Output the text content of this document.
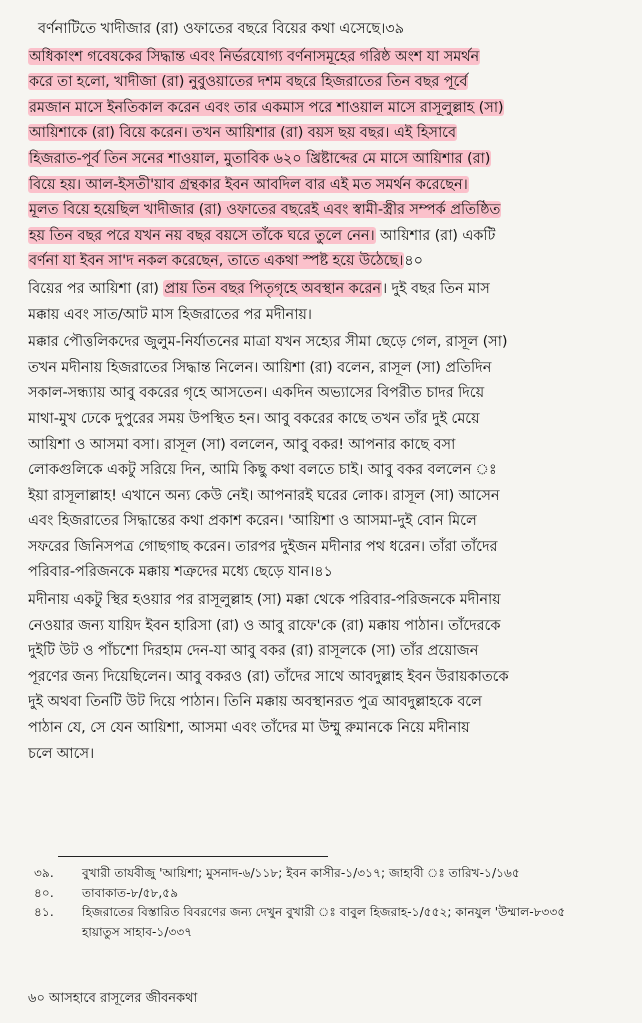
বর্ণনাটিতে খাদীজার (রা) ওফাতের বছরে বিয়ের কথা এসেছে।৩৯
অধিকাংশ গবেষকের সিদ্ধান্ত এবং নির্ভরযোগ্য বর্ণনাসমূহের গরিষ্ঠ অংশ যা সমর্থন
করে তা হলো, খাদীজা (রা) নুবুওয়াতের দশম বছরে হিজরাতের তিন বছর পূর্বে
রমজান মাসে ইনতিকাল করেন এবং তার একমাস পরে শাওয়াল মাসে রাসূলুল্লাহ (সা)
আয়িশাকে (রা) বিয়ে করেন। তখন আয়িশার (রা) বয়স ছয় বছর। এই হিসাবে
হিজরাত-পূর্ব তিন সনের শাওয়াল, মুতাবিক ৬২০ খ্রিষ্টাব্দের মে মাসে আয়িশার (রা)
বিয়ে হয়। আল-ইসতী'য়াব গ্রন্থকার ইবন আবদিল বার এই মত সমর্থন করেছেন।
মূলত বিয়ে হয়েছিল খাদীজার (রা) ওফাতের বছরেই এবং স্বামী-স্ত্রীর সম্পর্ক প্রতিষ্ঠিত
হয় তিন বছর পরে যখন নয় বছর বয়সে তাঁকে ঘরে তুলে নেন। আয়িশার (রা) একটি
বর্ণনা যা ইবন সা'দ নকল করেছেন, তাতে একথা স্পষ্ট হয়ে উঠেছে।৪০
বিয়ের পর আয়িশা (রা) প্রায় তিন বছর পিতৃগৃহে অবস্থান করেন। দুই বছর তিন মাস
মক্কায় এবং সাত/আট মাস হিজরাতের পর মদীনায়।
মক্কার পৌত্তলিকদের জুলুম-নির্যাতনের মাত্রা যখন সহ্যের সীমা ছেড়ে গেল, রাসূল (সা)
তখন মদীনায় হিজরাতের সিদ্ধান্ত নিলেন। আয়িশা (রা) বলেন, রাসূল (সা) প্রতিদিন
সকাল-সন্ধ্যায় আবু বকরের গৃহে আসতেন। একদিন অভ্যাসের বিপরীত চাদর দিয়ে
মাথা-মুখ ঢেকে দুপুরের সময় উপস্থিত হন। আবু বকরের কাছে তখন তাঁর দুই মেয়ে
আয়িশা ও আসমা বসা। রাসূল (সা) বললেন, আবু বকর! আপনার কাছে বসা
লোকগুলিকে একটু সরিয়ে দিন, আমি কিছু কথা বলতে চাই। আবু বকর বললেন ঃ
ইয়া রাসূলাল্লাহ! এখানে অন্য কেউ নেই। আপনারই ঘরের লোক। রাসূল (সা) আসেন
এবং হিজরাতের সিদ্ধান্তের কথা প্রকাশ করেন। 'আয়িশা ও আসমা-দুই বোন মিলে
সফরের জিনিসপত্র গোছগাছ করেন। তারপর দুইজন মদীনার পথ ধরেন। তাঁরা তাঁদের
পরিবার-পরিজনকে মক্কায় শত্রুদের মধ্যে ছেড়ে যান।৪১
মদীনায় একটু স্থির হওয়ার পর রাসূলুল্লাহ (সা) মক্কা থেকে পরিবার-পরিজনকে মদীনায়
নেওয়ার জন্য যায়িদ ইবন হারিসা (রা) ও আবু রাফে'কে (রা) মক্কায় পাঠান। তাঁদেরকে
দুইটি উট ও পাঁচশো দিরহাম দেন-যা আবু বকর (রা) রাসূলকে (সা) তাঁর প্রয়োজন
পূরণের জন্য দিয়েছিলেন। আবু বকরও (রা) তাঁদের সাথে আবদুল্লাহ ইবন উরায়কাতকে
দুই অথবা তিনটি উট দিয়ে পাঠান। তিনি মক্কায় অবস্থানরত পুত্র আবদুল্লাহকে বলে
পাঠান যে, সে যেন আয়িশা, আসমা এবং তাঁদের মা উম্মু রুমানকে নিয়ে মদীনায়
চলে আসে।
৩৯. বুখারী তাযবীজু 'আয়িশা; মুসনাদ-৬/১১৮; ইবন কাসীর-১/৩১৭; জাহাবী ঃ তারিখ-১/১৬৫
৪০. তাবাকাত-৮/৫৮,৫৯
৪১. হিজরাতের বিস্তারিত বিবরণের জন্য দেখুন বুখারী ঃ বাবুল হিজরাহ-১/৫৫২; কানযুল 'উম্মাল-৮৩৩৫
হায়াতুস সাহাব-১/৩৩৭
৬০ আসহাবে রাসূলের জীবনকথা
